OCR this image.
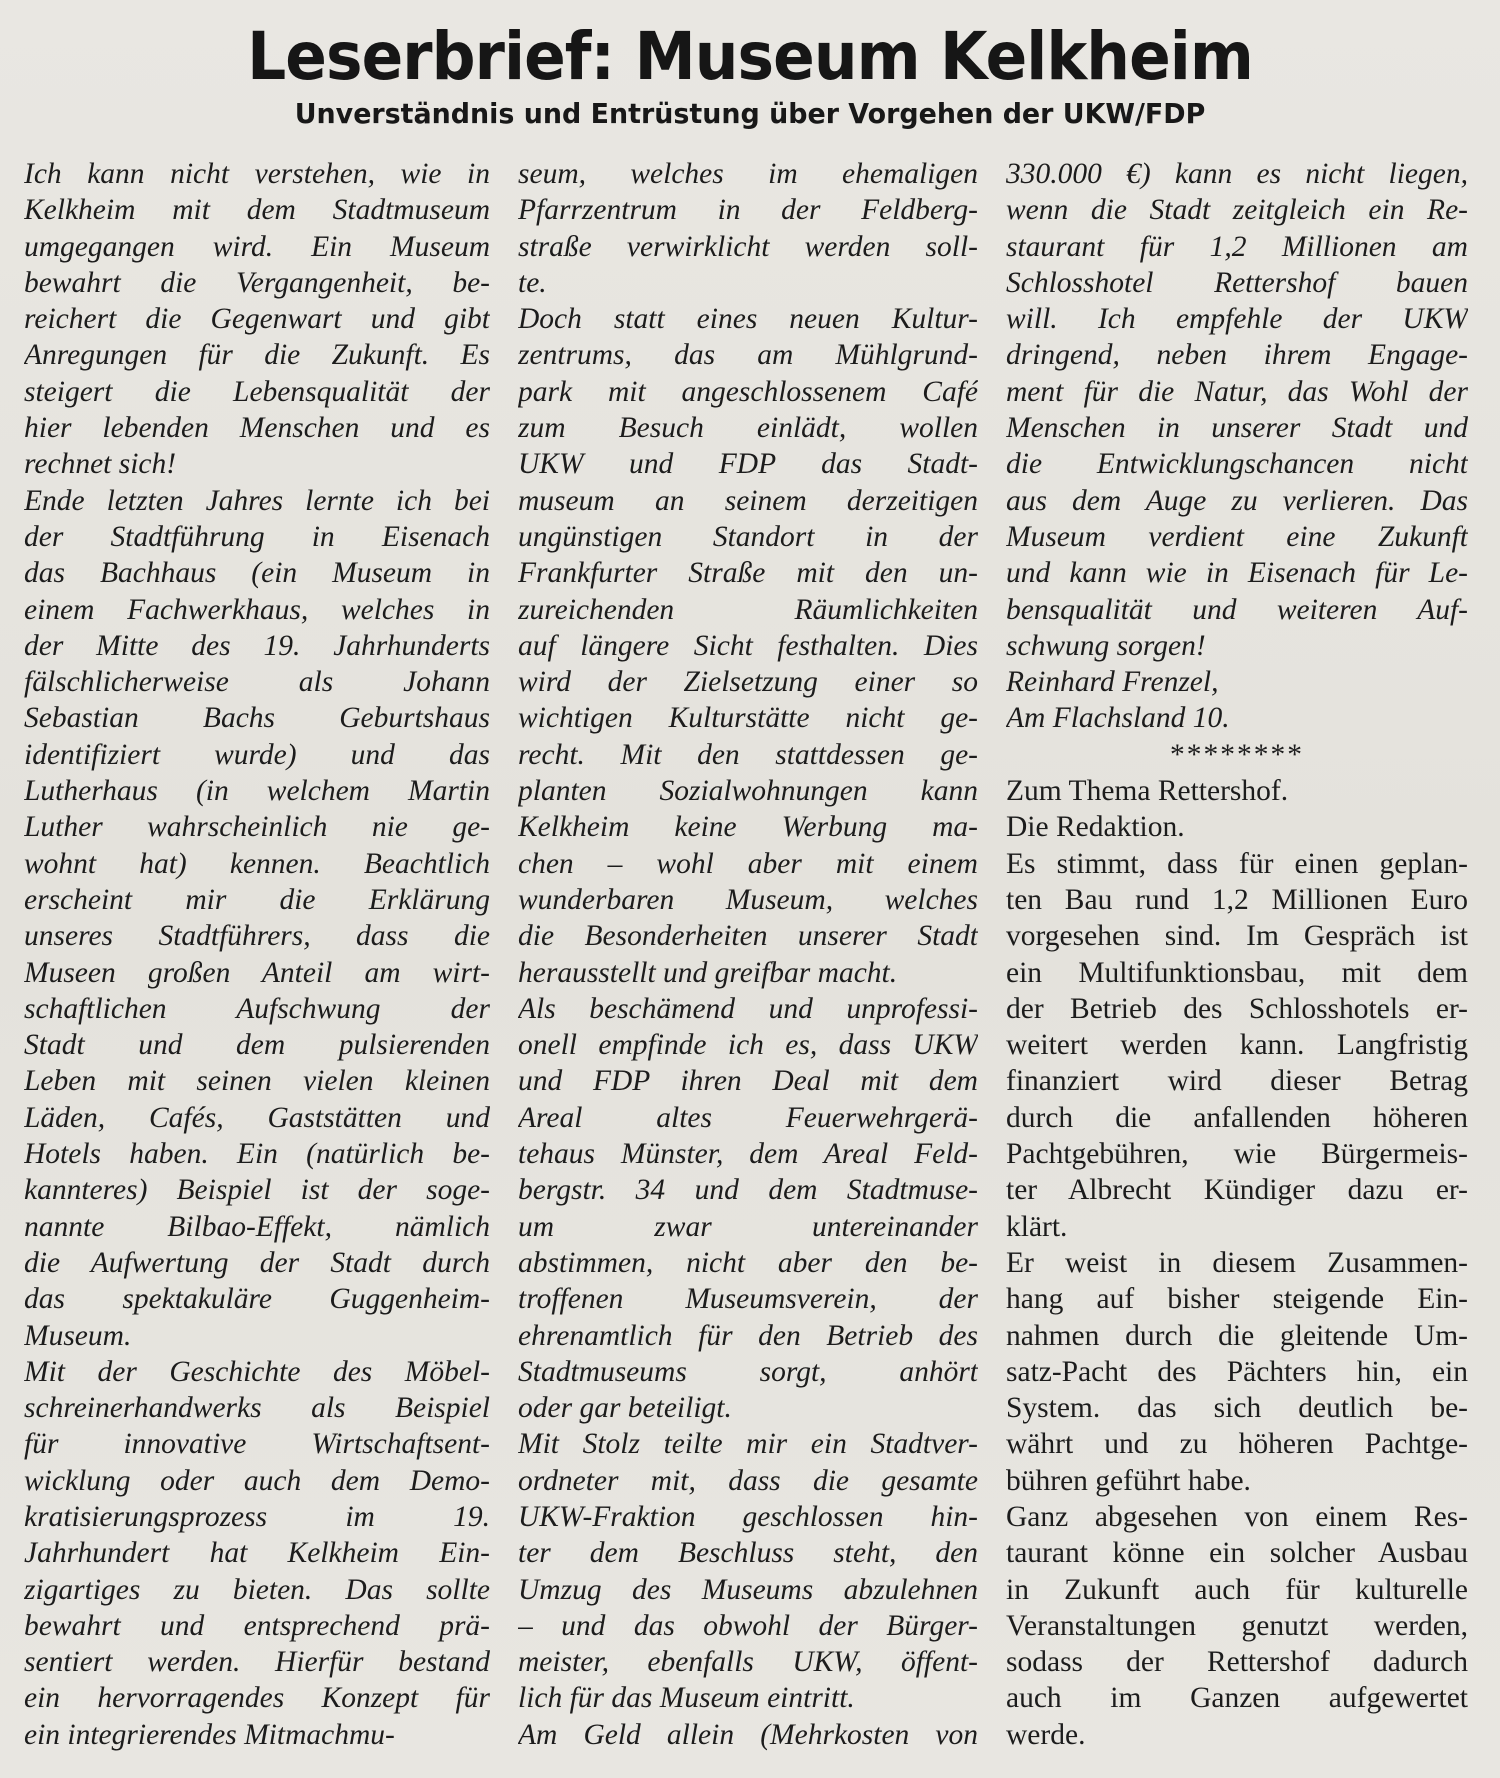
Leserbrief: Museum Kelkheim
Unverständnis und Entrüstung über Vorgehen der UKW/FDP
Ich kann nicht verstehen, wie in
Kelkheim mit dem Stadtmuseum
umgegangen wird. Ein Museum
bewahrt die Vergangenheit, be-
reichert die Gegenwart und gibt
Anregungen für die Zukunft. Es
steigert die Lebensqualität der
hier lebenden Menschen und es
rechnet sich!
Ende letzten Jahres lernte ich bei
der Stadtführung in Eisenach
das Bachhaus (ein Museum in
einem Fachwerkhaus, welches in
der Mitte des 19. Jahrhunderts
fälschlicherweise als Johann
Sebastian Bachs Geburtshaus
identifiziert wurde) und das
Lutherhaus (in welchem Martin
Luther wahrscheinlich nie ge-
wohnt hat) kennen. Beachtlich
erscheint mir die Erklärung
unseres Stadtführers, dass die
Museen großen Anteil am wirt-
schaftlichen Aufschwung der
Stadt und dem pulsierenden
Leben mit seinen vielen kleinen
Läden, Cafés, Gaststätten und
Hotels haben. Ein (natürlich be-
kannteres) Beispiel ist der soge-
nannte Bilbao-Effekt, nämlich
die Aufwertung der Stadt durch
das spektakuläre Guggenheim-
Museum.
Mit der Geschichte des Möbel-
schreinerhandwerks als Beispiel
für innovative Wirtschaftsent-
wicklung oder auch dem Demo-
kratisierungsprozess im 19.
Jahrhundert hat Kelkheim Ein-
zigartiges zu bieten. Das sollte
bewahrt und entsprechend prä-
sentiert werden. Hierfür bestand
ein hervorragendes Konzept für
ein integrierendes Mitmachmu-
seum, welches im ehemaligen
Pfarrzentrum in der Feldberg-
straße verwirklicht werden soll-
te.
Doch statt eines neuen Kultur-
zentrums, das am Mühlgrund-
park mit angeschlossenem Café
zum Besuch einlädt, wollen
UKW und FDP das Stadt-
museum an seinem derzeitigen
ungünstigen Standort in der
Frankfurter Straße mit den un-
zureichenden Räumlichkeiten
auf längere Sicht festhalten. Dies
wird der Zielsetzung einer so
wichtigen Kulturstätte nicht ge-
recht. Mit den stattdessen ge-
planten Sozialwohnungen kann
Kelkheim keine Werbung ma-
chen – wohl aber mit einem
wunderbaren Museum, welches
die Besonderheiten unserer Stadt
herausstellt und greifbar macht.
Als beschämend und unprofessi-
onell empfinde ich es, dass UKW
und FDP ihren Deal mit dem
Areal altes Feuerwehrgerä-
tehaus Münster, dem Areal Feld-
bergstr. 34 und dem Stadtmuse-
um zwar untereinander
abstimmen, nicht aber den be-
troffenen Museumsverein, der
ehrenamtlich für den Betrieb des
Stadtmuseums sorgt, anhört
oder gar beteiligt.
Mit Stolz teilte mir ein Stadtver-
ordneter mit, dass die gesamte
UKW-Fraktion geschlossen hin-
ter dem Beschluss steht, den
Umzug des Museums abzulehnen
– und das obwohl der Bürger-
meister, ebenfalls UKW, öffent-
lich für das Museum eintritt.
Am Geld allein (Mehrkosten von
330.000 €) kann es nicht liegen,
wenn die Stadt zeitgleich ein Re-
staurant für 1,2 Millionen am
Schlosshotel Rettershof bauen
will. Ich empfehle der UKW
dringend, neben ihrem Engage-
ment für die Natur, das Wohl der
Menschen in unserer Stadt und
die Entwicklungschancen nicht
aus dem Auge zu verlieren. Das
Museum verdient eine Zukunft
und kann wie in Eisenach für Le-
bensqualität und weiteren Auf-
schwung sorgen!
Reinhard Frenzel,
Am Flachsland 10.
********
Zum Thema Rettershof.
Die Redaktion.
Es stimmt, dass für einen geplan-
ten Bau rund 1,2 Millionen Euro
vorgesehen sind. Im Gespräch ist
ein Multifunktionsbau, mit dem
der Betrieb des Schlosshotels er-
weitert werden kann. Langfristig
finanziert wird dieser Betrag
durch die anfallenden höheren
Pachtgebühren, wie Bürgermeis-
ter Albrecht Kündiger dazu er-
klärt.
Er weist in diesem Zusammen-
hang auf bisher steigende Ein-
nahmen durch die gleitende Um-
satz-Pacht des Pächters hin, ein
System. das sich deutlich be-
währt und zu höheren Pachtge-
bühren geführt habe.
Ganz abgesehen von einem Res-
taurant könne ein solcher Ausbau
in Zukunft auch für kulturelle
Veranstaltungen genutzt werden,
sodass der Rettershof dadurch
auch im Ganzen aufgewertet
werde.
